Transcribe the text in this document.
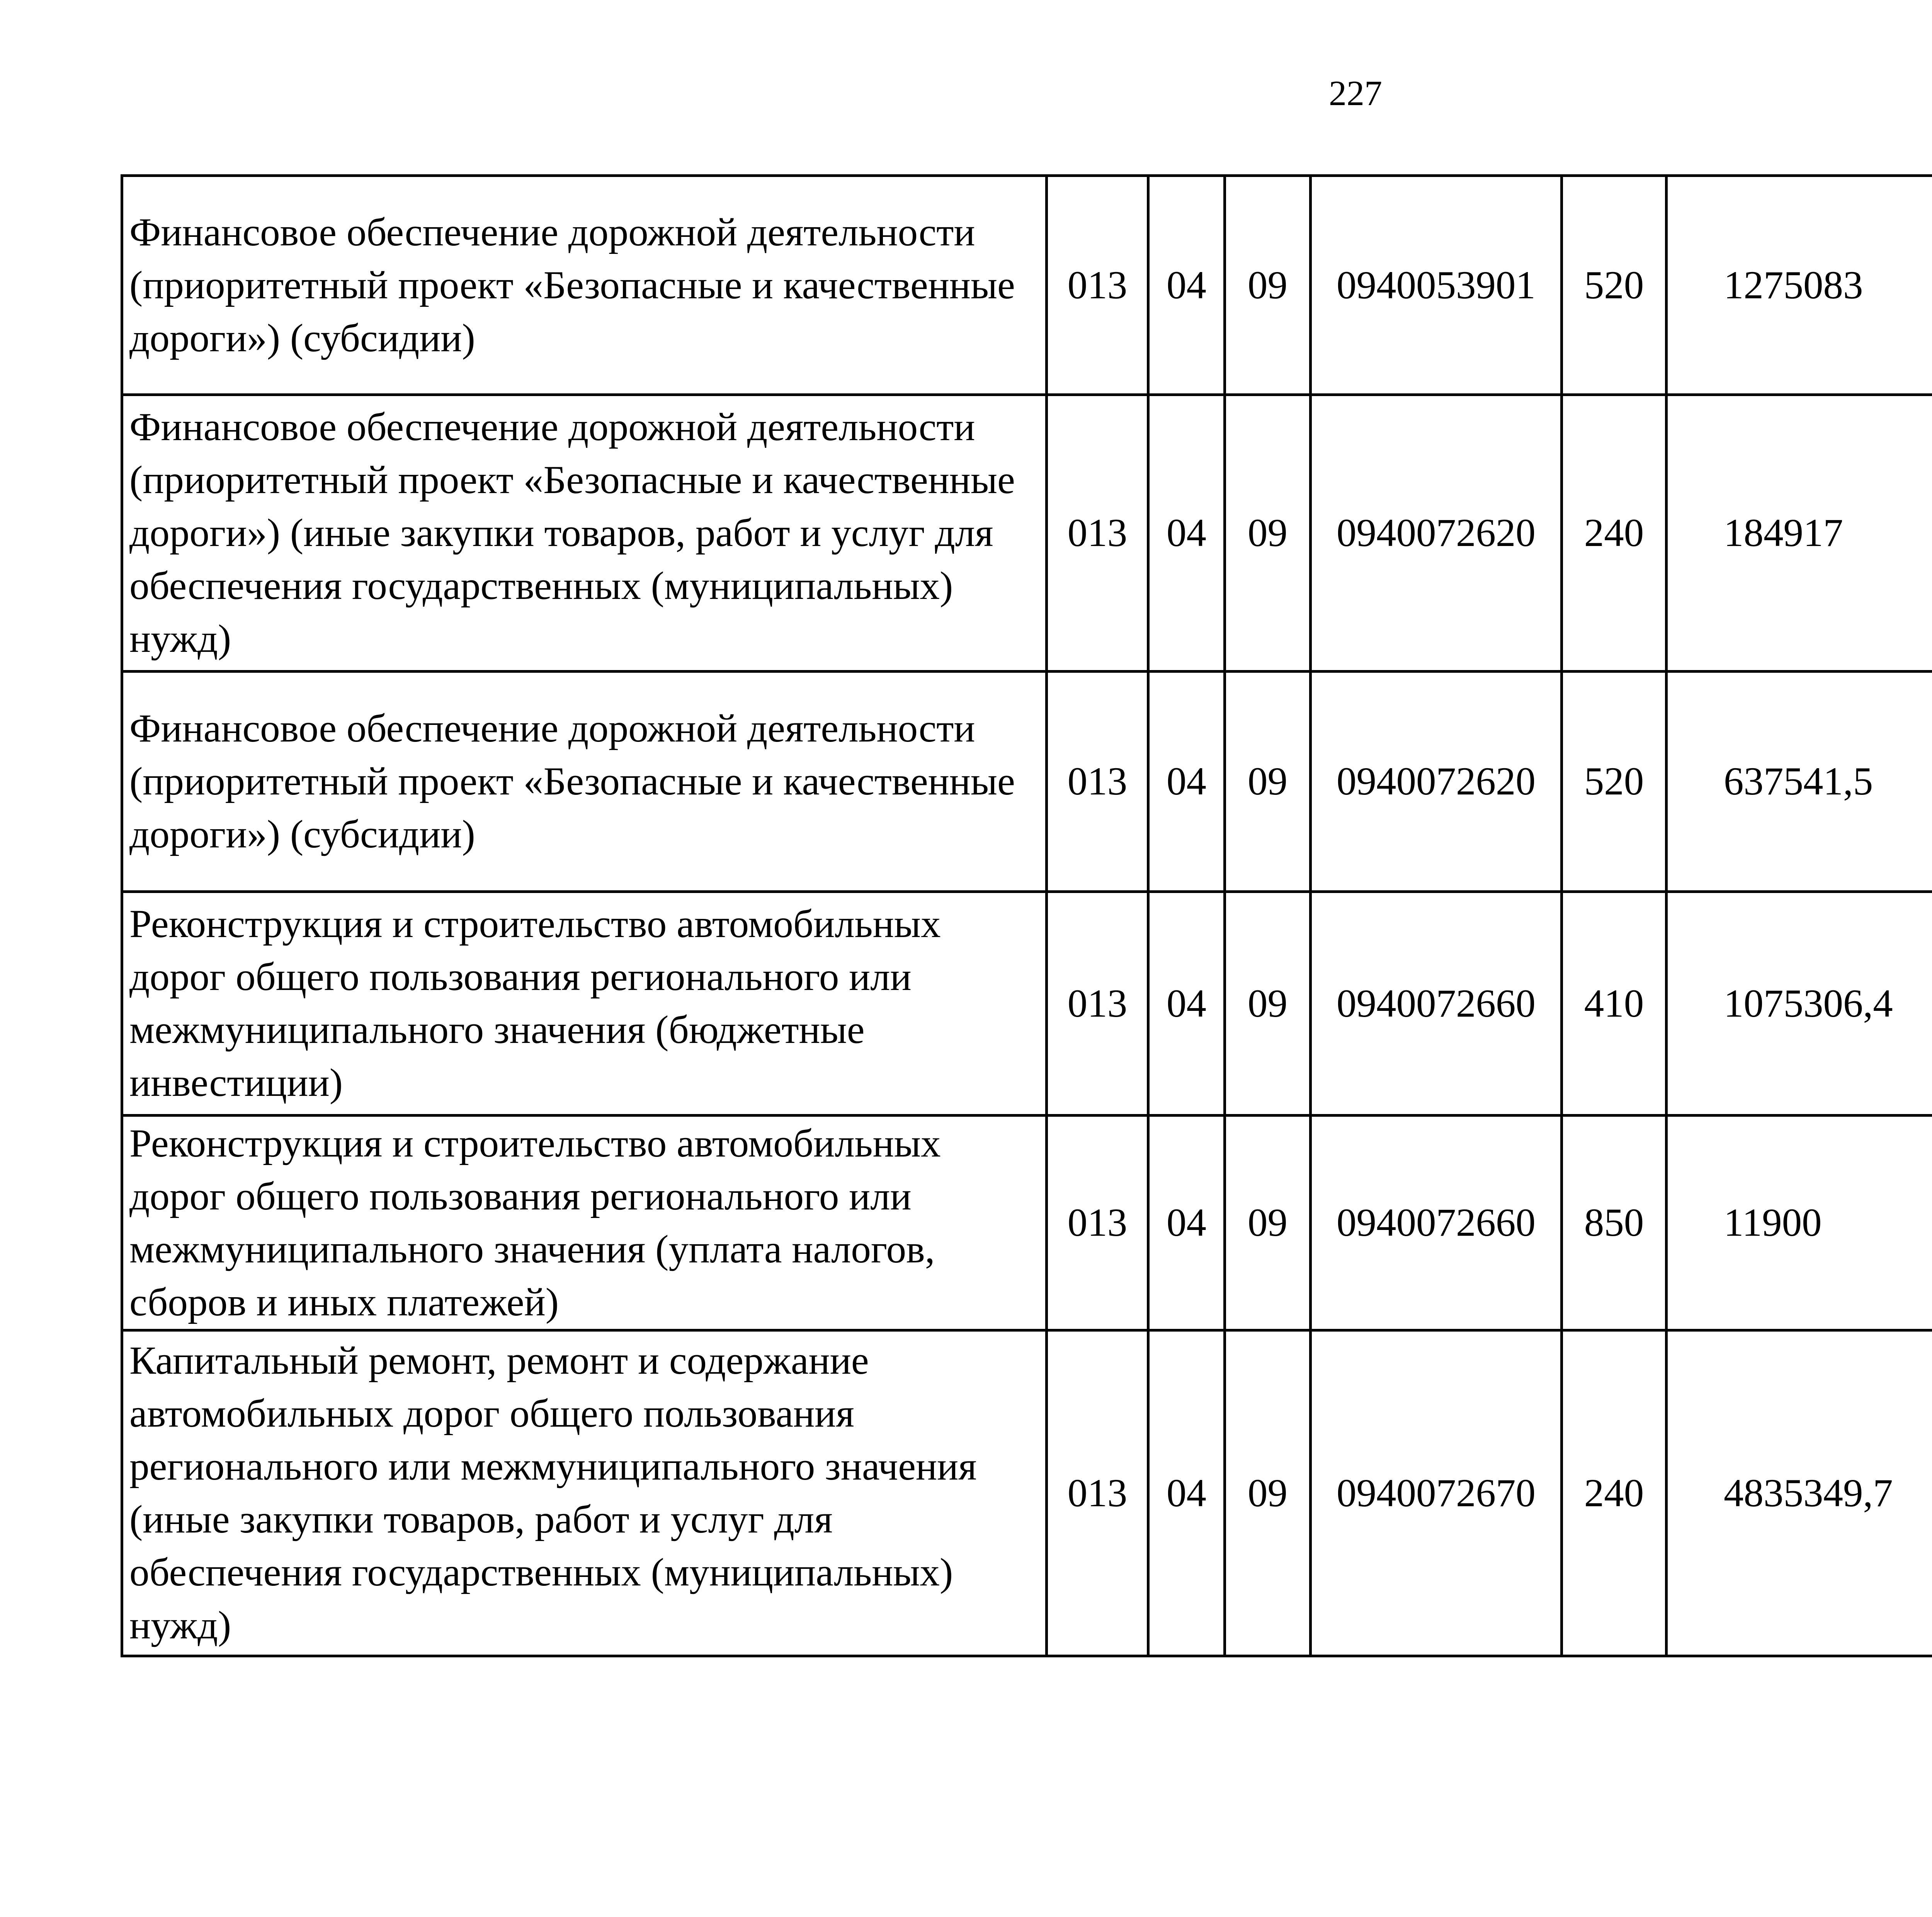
227
Финансовое обеспечение дорожной деятельности (приоритетный проект «Безопасные и качественные дороги») (субсидии)	013	04	09	0940053901	520	1275083		
Финансовое обеспечение дорожной деятельности (приоритетный проект «Безопасные и качественные дороги») (иные закупки товаров, работ и услуг для обеспечения государственных (муниципальных) нужд)	013	04	09	0940072620	240	184917		
Финансовое обеспечение дорожной деятельности (приоритетный проект «Безопасные и качественные дороги») (субсидии)	013	04	09	0940072620	520	637541,5		
Реконструкция и строительство автомобильных дорог общего пользования регионального или межмуниципального значения (бюджетные инвестиции)	013	04	09	0940072660	410	1075306,4		
Реконструкция и строительство автомобильных дорог общего пользования регионального или межмуниципального значения (уплата налогов, сборов и иных платежей)	013	04	09	0940072660	850	11900		
Капитальный ремонт, ремонт и содержание автомобильных дорог общего пользования регионального или межмуниципального значения (иные закупки товаров, работ и услуг для обеспечения государственных (муниципальных) нужд)	013	04	09	0940072670	240	4835349,7		
